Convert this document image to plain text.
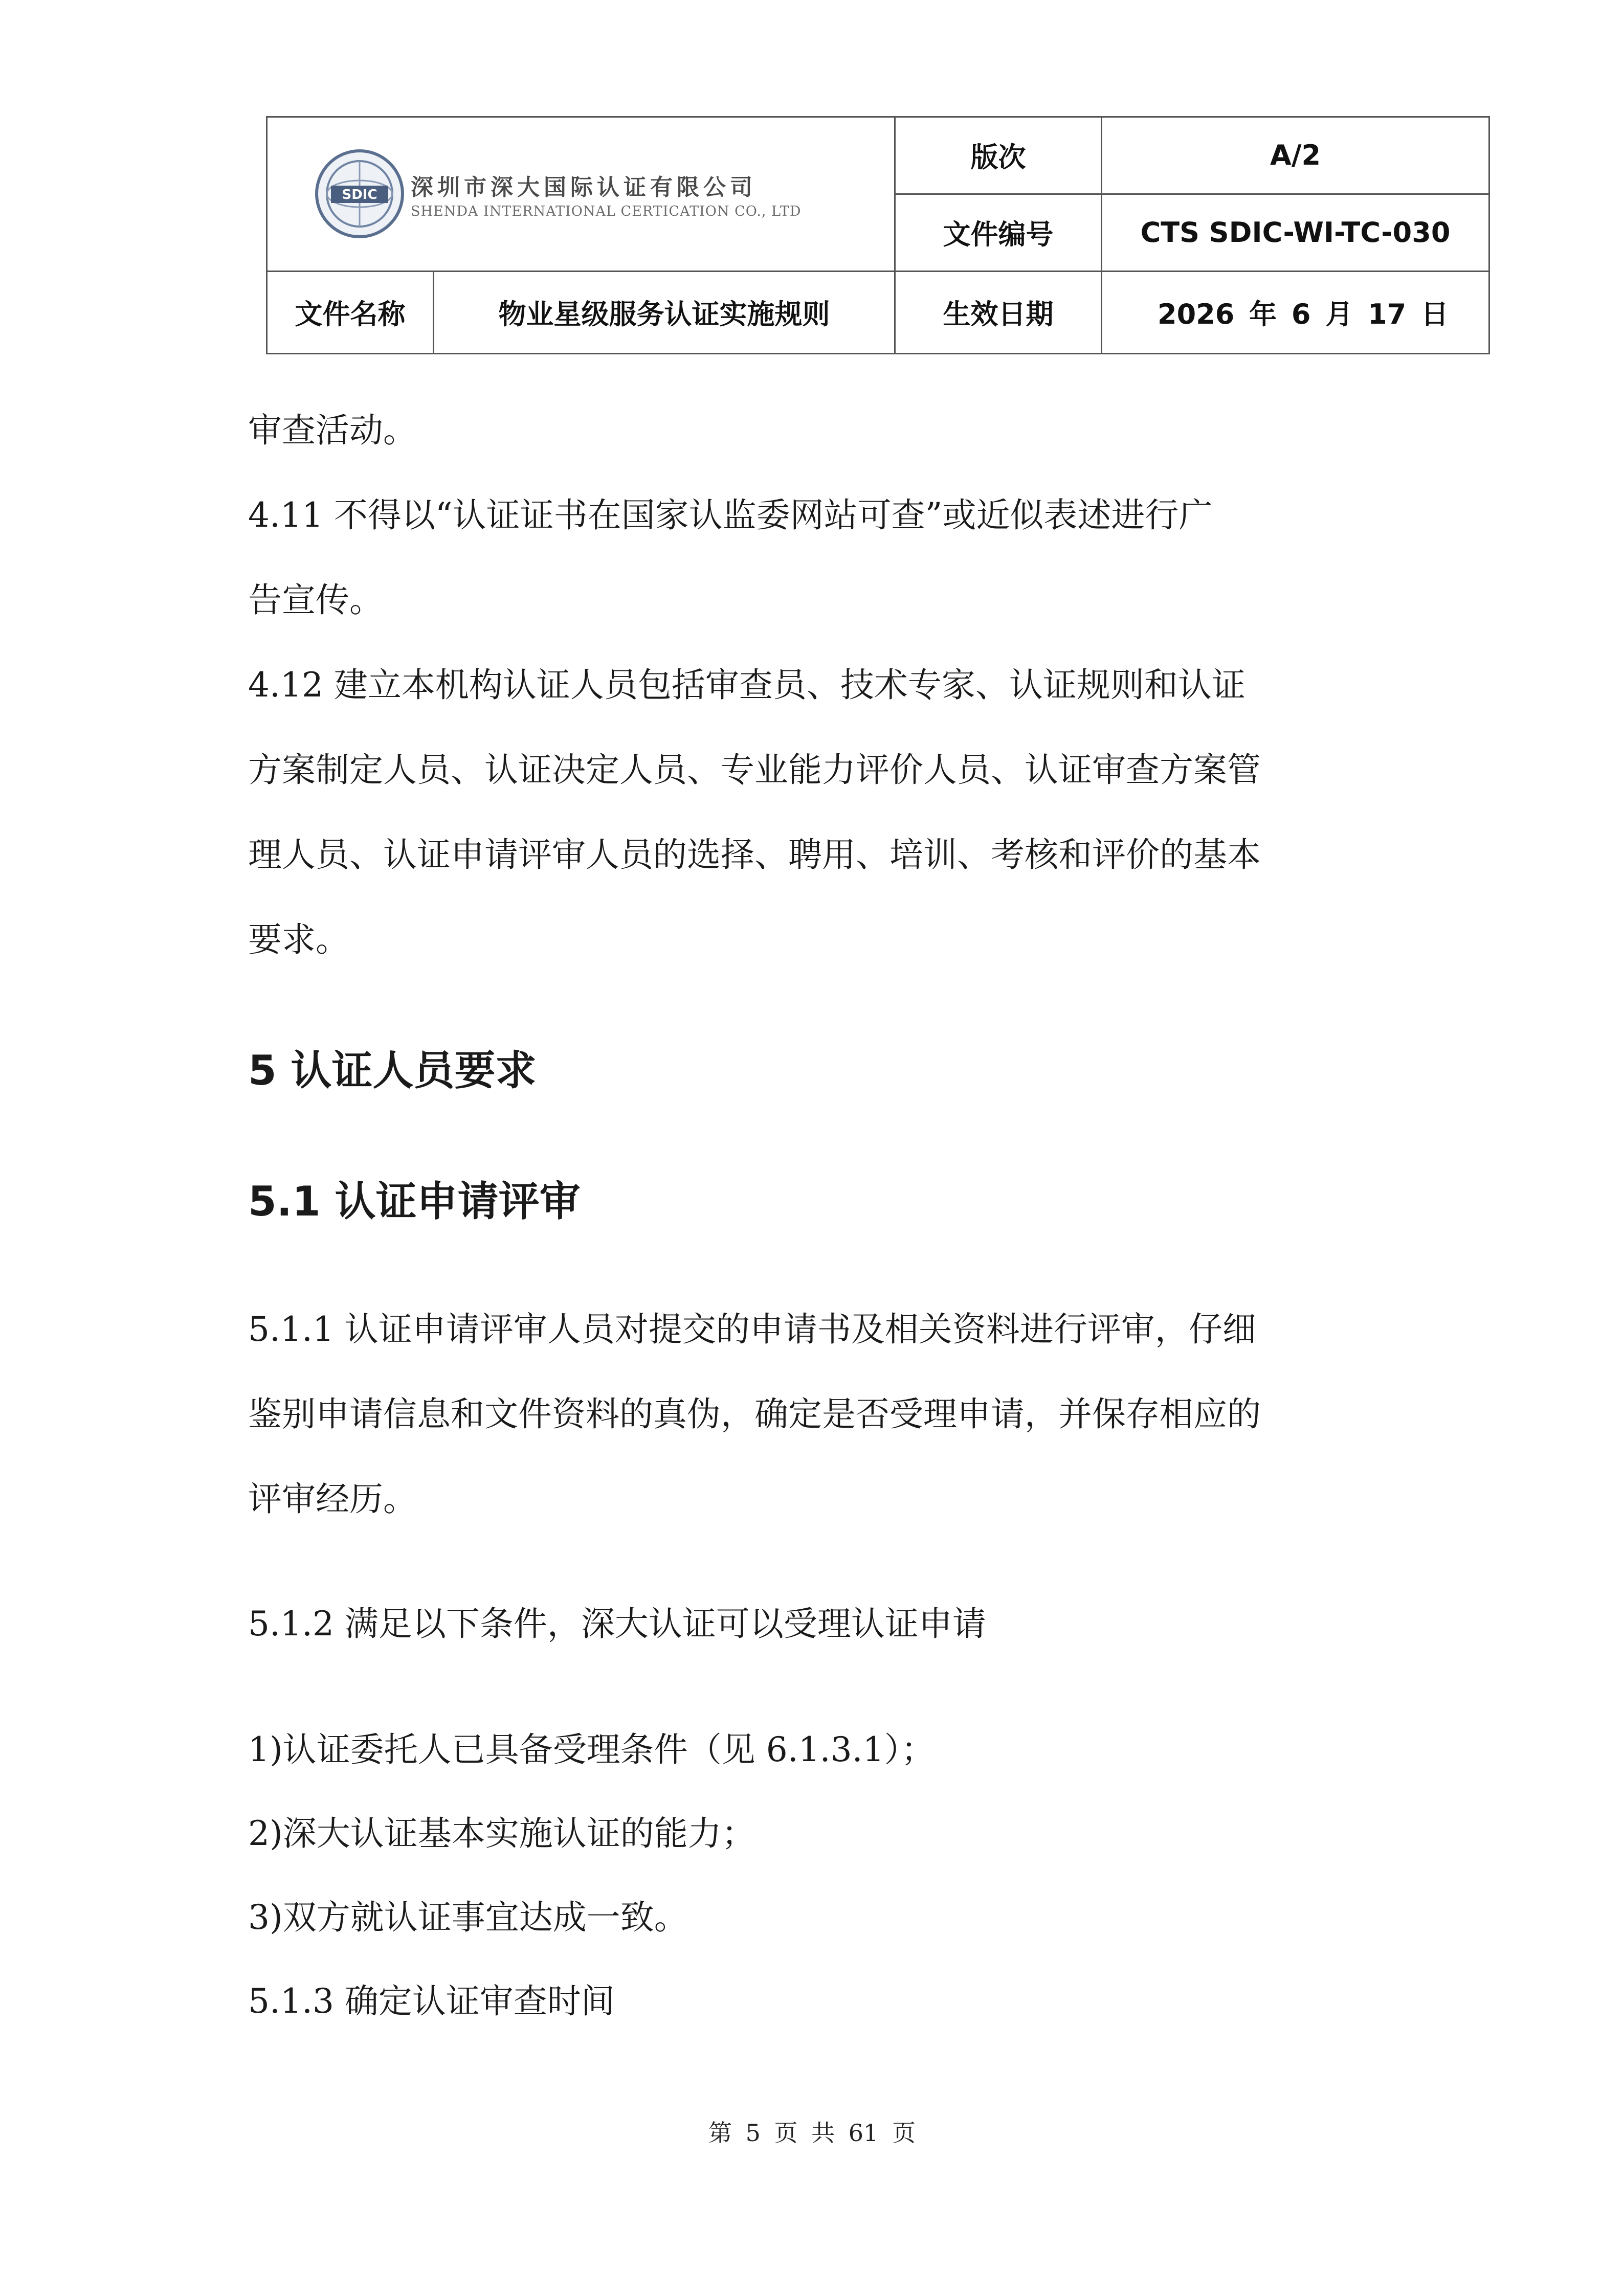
SDIC 深圳市深大国际认证有限公司
SHENDA INTERNATIONAL CERTICATION CO., LTD		版次	A/2
		文件编号	CTS SDIC-WI-TC-030
文件名称	物业星级服务认证实施规则	生效日期	2026 年 6 月 17 日

审查活动。

4.11 不得以“认证证书在国家认监委网站可查”或近似表述进行广

告宣传。

4.12 建立本机构认证人员包括审查员、技术专家、认证规则和认证

方案制定人员、认证决定人员、专业能力评价人员、认证审查方案管

理人员、认证申请评审人员的选择、聘用、培训、考核和评价的基本

要求。

5 认证人员要求
5.1 认证申请评审

5.1.1 认证申请评审人员对提交的申请书及相关资料进行评审，仔细

鉴别申请信息和文件资料的真伪，确定是否受理申请，并保存相应的

评审经历。

5.1.2 满足以下条件，深大认证可以受理认证申请

1)认证委托人已具备受理条件（见 6.1.3.1）；

2)深大认证基本实施认证的能力；

3)双方就认证事宜达成一致。

5.1.3 确定认证审查时间

第 5 页 共 61 页
